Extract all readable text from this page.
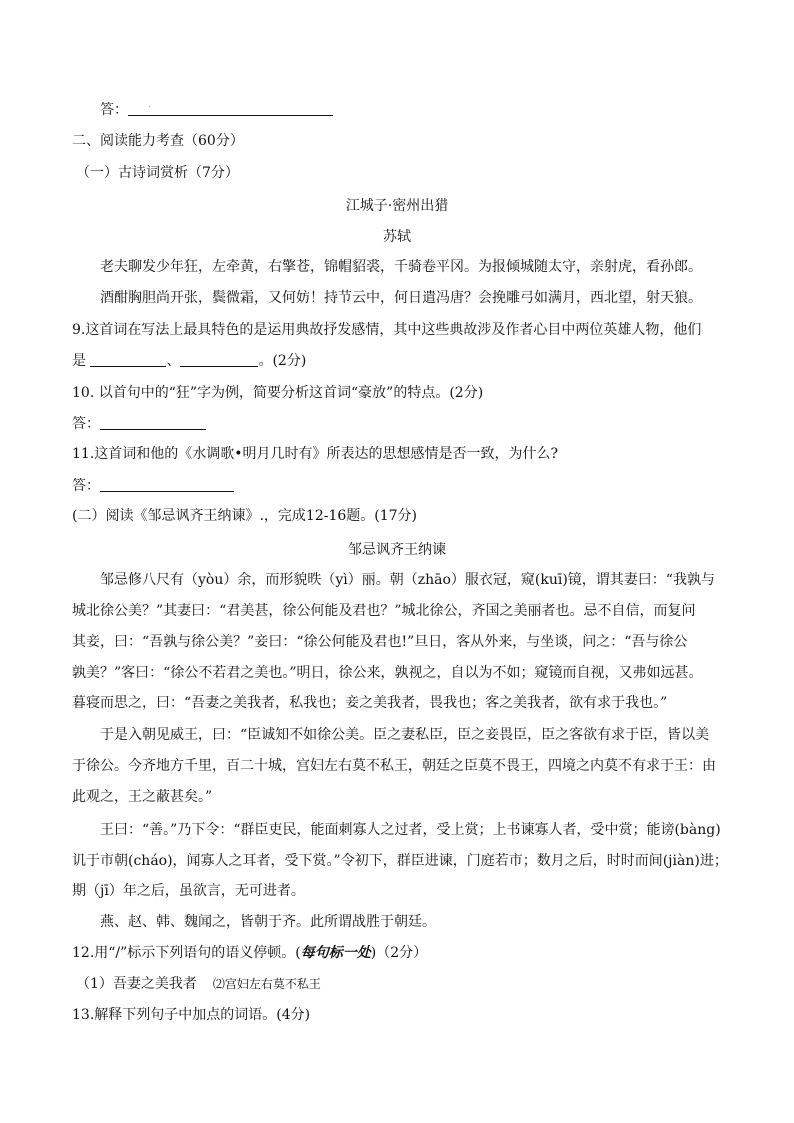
答： .
二、阅读能力考查（60分）
（一）古诗词赏析（7分）
江城子·密州出猎
苏轼
老夫聊发少年狂，左牵黄，右擎苍，锦帽貂裘，千骑卷平冈。为报倾城随太守，亲射虎，看孙郎。
酒酣胸胆尚开张，鬓微霜，又何妨！持节云中，何日遣冯唐？会挽雕弓如满月，西北望，射天狼。
9.这首词在写法上最具特色的是运用典故抒发感情，其中这些典故涉及作者心目中两位英雄人物，他们
是	、	。(2分)
10. 以首句中的“狂”字为例，简要分析这首词“豪放”的特点。(2分)
答：
11.这首词和他的《水调歌•明月几时有》所表达的思想感情是否一致，为什么?
答：
(二）阅读《邹忌讽齐王纳谏》.，完成12-16题。(17分)
邹忌讽齐王纳谏
邹忌修八尺有（yòu）余，而形貌昳（yì）丽。朝（zhāo）服衣冠，窥(kuī)镜，谓其妻曰：“我孰与
城北徐公美？”其妻曰：“君美甚，徐公何能及君也？”城北徐公，齐国之美丽者也。忌不自信，而复问
其妾，曰：“吾孰与徐公美？”妾曰：“徐公何能及君也!”旦日，客从外来，与坐谈，问之：“吾与徐公
孰美？”客曰：“徐公不若君之美也。”明日，徐公来，孰视之，自以为不如；窥镜而自视，又弗如远甚。
暮寝而思之，曰：“吾妻之美我者，私我也；妾之美我者，畏我也；客之美我者，欲有求于我也。”
于是入朝见威王，曰：“臣诚知不如徐公美。臣之妻私臣，臣之妾畏臣，臣之客欲有求于臣，皆以美
于徐公。今齐地方千里，百二十城，宫妇左右莫不私王，朝廷之臣莫不畏王，四境之内莫不有求于王：由
此观之，王之蔽甚矣。”
王曰：“善。”乃下令：“群臣吏民，能面刺寡人之过者，受上赏；上书谏寡人者，受中赏；能谤(bàng)
讥于市朝(cháo)，闻寡人之耳者，受下赏。”令初下，群臣进谏，门庭若市；数月之后，时时而间(jiàn)进；
期（jī）年之后，虽欲言，无可进者。
燕、赵、韩、魏闻之，皆朝于齐。此所谓战胜于朝廷。
12.用“/”标示下列语句的语义停顿。(每句标一处)（2分）
（1）吾妻之美我者 ⑵宫妇左右莫不私王
13.解释下列句子中加点的词语。(4分)
